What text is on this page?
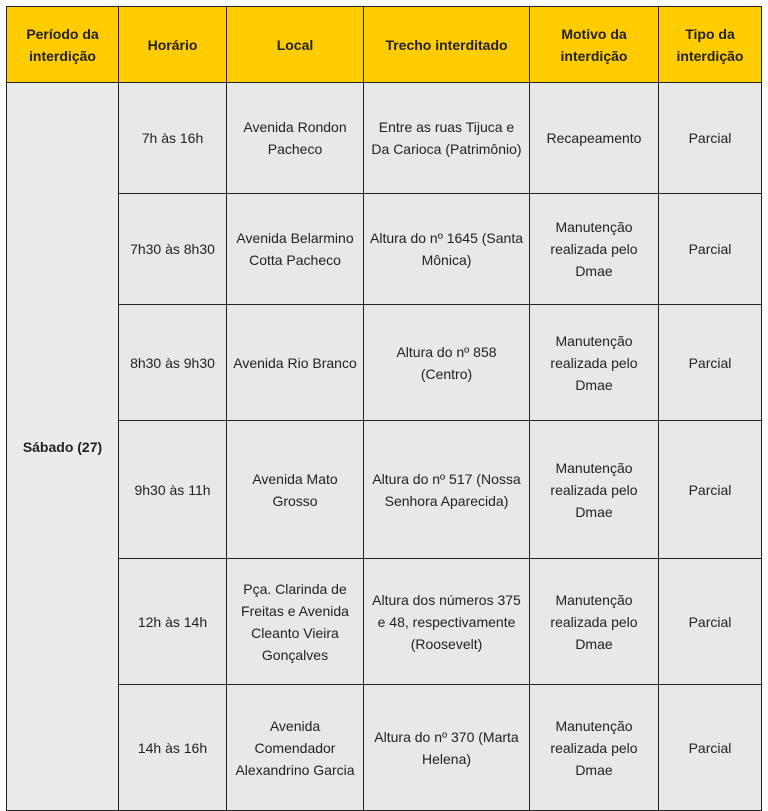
Período da interdição	Horário	Local	Trecho interditado	Motivo da interdição	Tipo da interdição
Sábado (27)	7h às 16h	Avenida Rondon Pacheco	Entre as ruas Tijuca e Da Carioca (Patrimônio)	Recapeamento	Parcial
	7h30 às 8h30	Avenida Belarmino Cotta Pacheco	Altura do nº 1645 (Santa Mônica)	Manutenção realizada pelo Dmae	Parcial
	8h30 às 9h30	Avenida Rio Branco	Altura do nº 858 (Centro)	Manutenção realizada pelo Dmae	Parcial
	9h30 às 11h	Avenida Mato Grosso	Altura do nº 517 (Nossa Senhora Aparecida)	Manutenção realizada pelo Dmae	Parcial
	12h às 14h	Pça. Clarinda de Freitas e Avenida Cleanto Vieira Gonçalves	Altura dos números 375 e 48, respectivamente (Roosevelt)	Manutenção realizada pelo Dmae	Parcial
	14h às 16h	Avenida Comendador Alexandrino Garcia	Altura do nº 370 (Marta Helena)	Manutenção realizada pelo Dmae	Parcial
